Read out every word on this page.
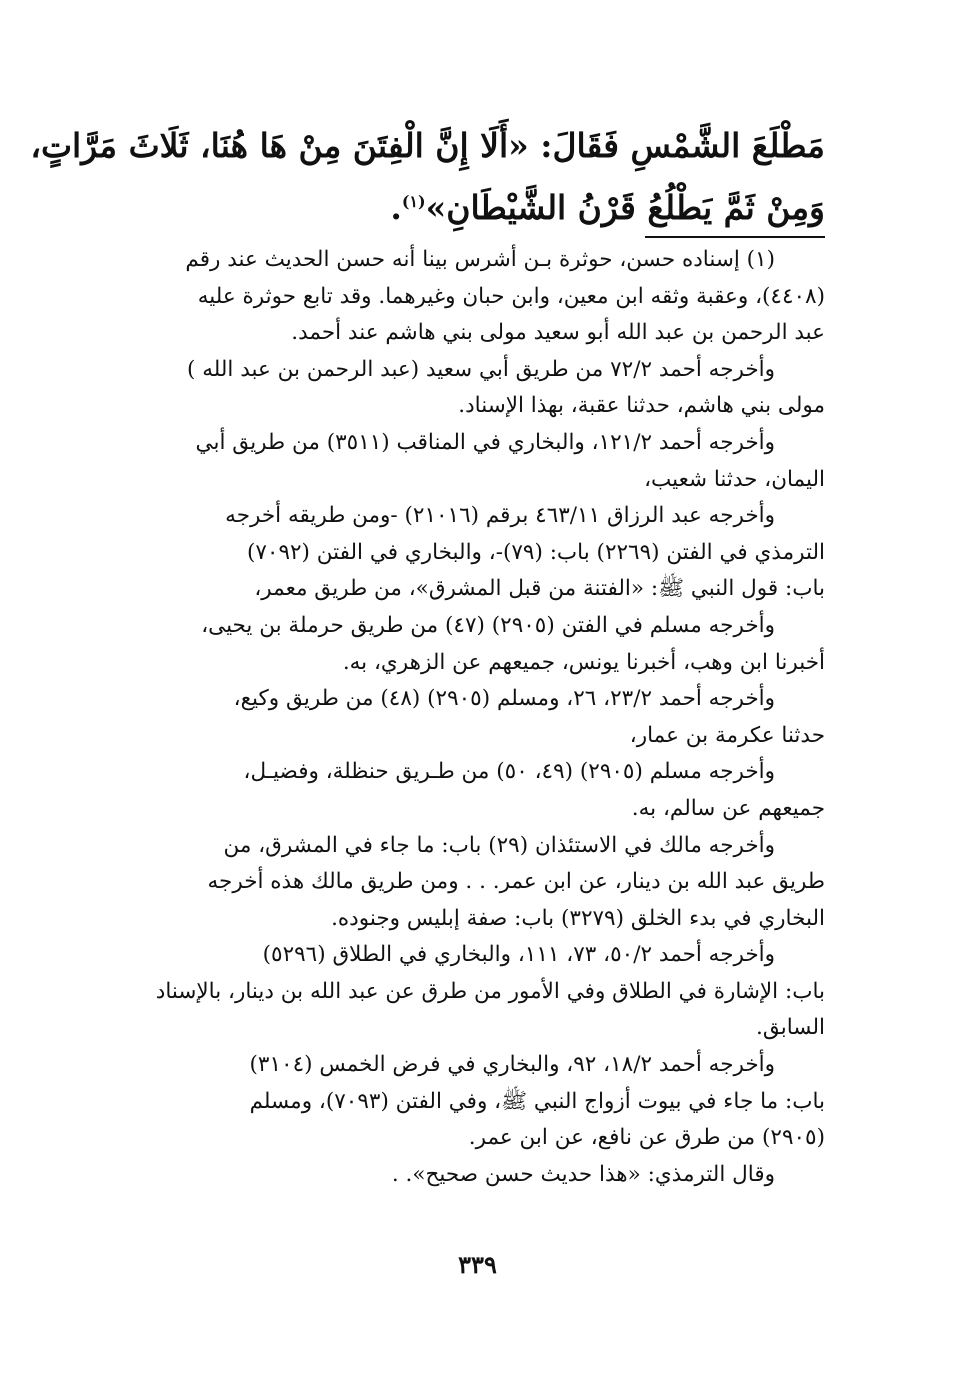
مَطْلَعَ الشَّمْسِ فَقَالَ: «أَلَا إِنَّ الْفِتَنَ مِنْ هَا هُنَا، ثَلَاثَ مَرَّاتٍ،
وَمِنْ ثَمَّ يَطْلُعُ قَرْنُ الشَّيْطَانِ»$^{(١)}$.
(١) إسناده حسن، حوثرة بـن أشرس بينا أنه حسن الحديث عند رقم
(٤٤٠٨)، وعقبة وثقه ابن معين، وابن حبان وغيرهما. وقد تابع حوثرة عليه
عبد الرحمن بن عبد الله أبو سعيد مولى بني هاشم عند أحمد.
وأخرجه أحمد ٧٢/٢ من طريق أبي سعيد (عبد الرحمن بن عبد الله )
مولى بني هاشم، حدثنا عقبة، بهذا الإسناد.
وأخرجه أحمد ١٢١/٢، والبخاري في المناقب (٣٥١١) من طريق أبي
اليمان، حدثنا شعيب،
وأخرجه عبد الرزاق ٤٦٣/١١ برقم (٢١٠١٦) -ومن طريقه أخرجه
الترمذي في الفتن (٢٢٦٩) باب: (٧٩)-، والبخاري في الفتن (٧٠٩٢)
باب: قول النبي ﷺ: «الفتنة من قبل المشرق»، من طريق معمر،
وأخرجه مسلم في الفتن (٢٩٠٥) (٤٧) من طريق حرملة بن يحيى،
أخبرنا ابن وهب، أخبرنا يونس، جميعهم عن الزهري، به.
وأخرجه أحمد ٢٣/٢، ٢٦، ومسلم (٢٩٠٥) (٤٨) من طريق وكيع،
حدثنا عكرمة بن عمار،
وأخرجه مسلم (٢٩٠٥) (٤٩، ٥٠) من طـريق حنظلة، وفضيـل،
جميعهم عن سالم، به.
وأخرجه مالك في الاستئذان (٢٩) باب: ما جاء في المشرق، من
طريق عبد الله بن دينار، عن ابن عمر. . . ومن طريق مالك هذه أخرجه
البخاري في بدء الخلق (٣٢٧٩) باب: صفة إبليس وجنوده.
وأخرجه أحمد ٥٠/٢، ٧٣، ١١١، والبخاري في الطلاق (٥٢٩٦)
باب: الإشارة في الطلاق وفي الأمور من طرق عن عبد الله بن دينار، بالإسناد
السابق.
وأخرجه أحمد ١٨/٢، ٩٢، والبخاري في فرض الخمس (٣١٠٤)
باب: ما جاء في بيوت أزواج النبي ﷺ، وفي الفتن (٧٠٩٣)، ومسلم
(٢٩٠٥) من طرق عن نافع، عن ابن عمر.
وقال الترمذي: «هذا حديث حسن صحيح». .
٣٣٩
